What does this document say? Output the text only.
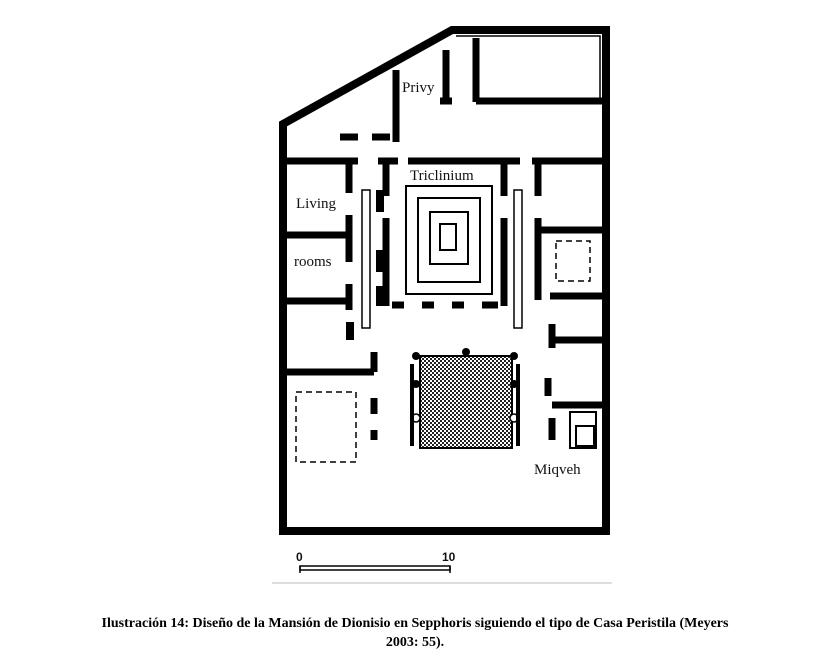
Privy
Triclinium
Living
rooms
Miqveh
0	10
Ilustración 14: Diseño de la Mansión de Dionisio en Sepphoris siguiendo el tipo de Casa Peristila (Meyers
2003: 55).
